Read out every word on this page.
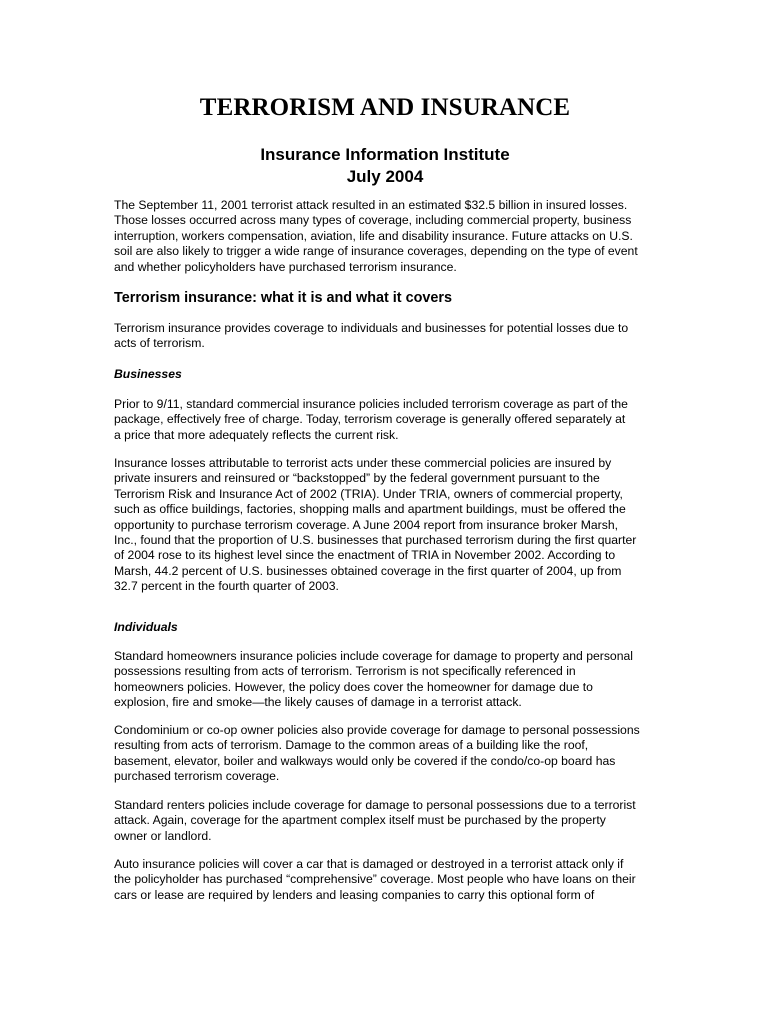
TERRORISM AND INSURANCE
Insurance Information Institute
July 2004

The September 11, 2001 terrorist attack resulted in an estimated $32.5 billion in insured losses.
Those losses occurred across many types of coverage, including commercial property, business
interruption, workers compensation, aviation, life and disability insurance. Future attacks on U.S.
soil are also likely to trigger a wide range of insurance coverages, depending on the type of event
and whether policyholders have purchased terrorism insurance.

Terrorism insurance: what it is and what it covers

Terrorism insurance provides coverage to individuals and businesses for potential losses due to
acts of terrorism.

Businesses

Prior to 9/11, standard commercial insurance policies included terrorism coverage as part of the
package, effectively free of charge. Today, terrorism coverage is generally offered separately at
a price that more adequately reflects the current risk.

Insurance losses attributable to terrorist acts under these commercial policies are insured by
private insurers and reinsured or “backstopped” by the federal government pursuant to the
Terrorism Risk and Insurance Act of 2002 (TRIA). Under TRIA, owners of commercial property,
such as office buildings, factories, shopping malls and apartment buildings, must be offered the
opportunity to purchase terrorism coverage. A June 2004 report from insurance broker Marsh,
Inc., found that the proportion of U.S. businesses that purchased terrorism during the first quarter
of 2004 rose to its highest level since the enactment of TRIA in November 2002. According to
Marsh, 44.2 percent of U.S. businesses obtained coverage in the first quarter of 2004, up from
32.7 percent in the fourth quarter of 2003.

Individuals

Standard homeowners insurance policies include coverage for damage to property and personal
possessions resulting from acts of terrorism. Terrorism is not specifically referenced in
homeowners policies. However, the policy does cover the homeowner for damage due to
explosion, fire and smoke—the likely causes of damage in a terrorist attack.

Condominium or co-op owner policies also provide coverage for damage to personal possessions
resulting from acts of terrorism. Damage to the common areas of a building like the roof,
basement, elevator, boiler and walkways would only be covered if the condo/co-op board has
purchased terrorism coverage.

Standard renters policies include coverage for damage to personal possessions due to a terrorist
attack. Again, coverage for the apartment complex itself must be purchased by the property
owner or landlord.

Auto insurance policies will cover a car that is damaged or destroyed in a terrorist attack only if
the policyholder has purchased “comprehensive” coverage. Most people who have loans on their
cars or lease are required by lenders and leasing companies to carry this optional form of
